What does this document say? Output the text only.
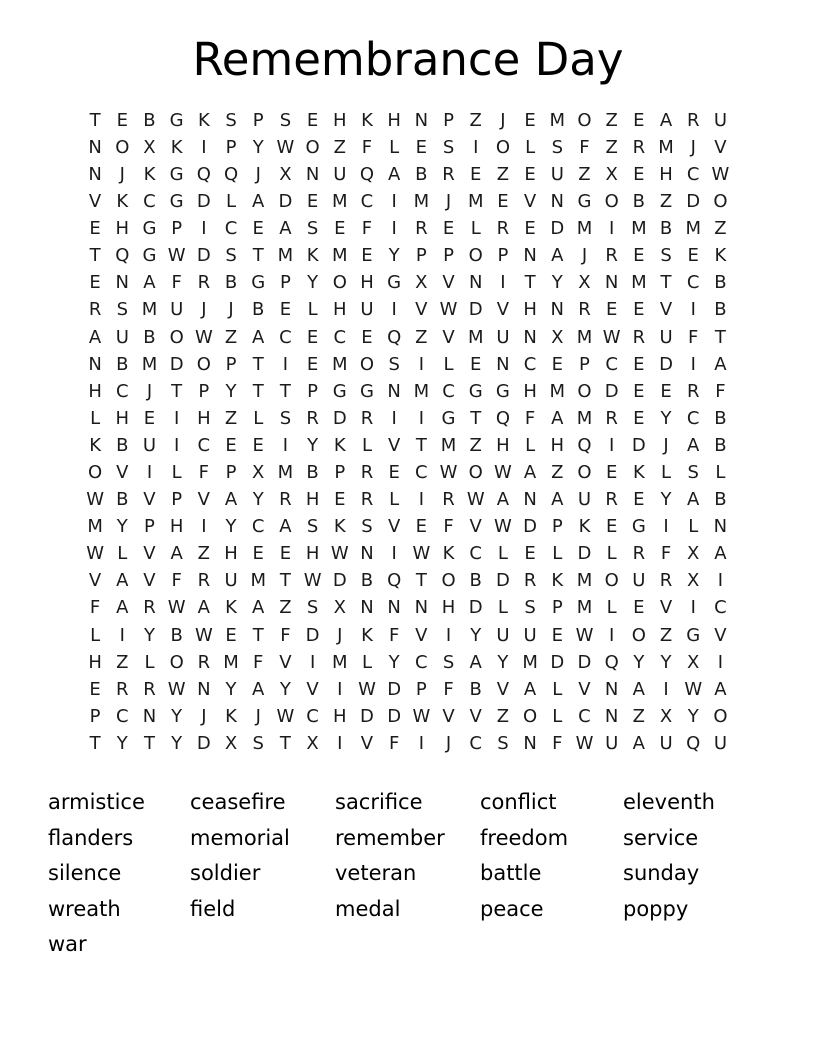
Remembrance Day
T E B G K S P S E H K H N P Z	J	E M O Z E A R U
N O X K	I	P Y W O Z F L E S	I O L S F Z R M J	V
N J	K G Q Q J	X N U Q A B R E Z E U Z X E H C W
V K C G D L A D E M C	I M J M E V N G O B Z D O
E H G P	I	C E A S E F	I	R E L R E D M I M B M Z
T Q G W D S T M K M E Y P P O P N A	J	R E S E K
E N A F R B G P Y O H G X V N I	T Y X N M T C B
R S M U J	J	B E L H U I	V W D V H N R E E V	I	B
A U B O W Z A C E C E Q Z V M U N X M W R U F T
N B M D O P T	I	E M O S	I	L E N C E P C E D I	A
H C	J	T P Y T T P G G N M C G G H M O D E E R F
L H E	I H Z L S R D R	I	I G T Q F A M R E Y C B
K B U I	C E E	I	Y K L V T M Z H L H Q I D J	A B
O V	I	L F P X M B P R E C W O W A Z O E K L S L
W B V P V A Y R H E R L	I	R W A N A U R E Y A B
M Y P H I	Y C A S K S V E F V W D P K E G I	L N
W L V A Z H E E H W N I W K C L E L D L R F X A
V A V F R U M T W D B Q T O B D R K M O U R X	I
F A R W A K A Z S X N N N H D L S P M L E V	I	C
L	I	Y B W E T F D J	K F V	I	Y U U E W I O Z G V
H Z L O R M F V	I M L Y C S A Y M D D Q Y Y X	I
E R R W N Y A Y V	I W D P F B V A L V N A	I W A
P C N Y	J	K	J W C H D D W V V Z O L C N Z X Y O
T Y T Y D X S T X	I	V F	I	J	C S N F W U A U Q U
armistice
flanders
silence
wreath
war
ceasefire
memorial
soldier
field
sacrifice
remember
veteran
medal
conflict
freedom
battle
peace
eleventh
service
sunday
poppy
